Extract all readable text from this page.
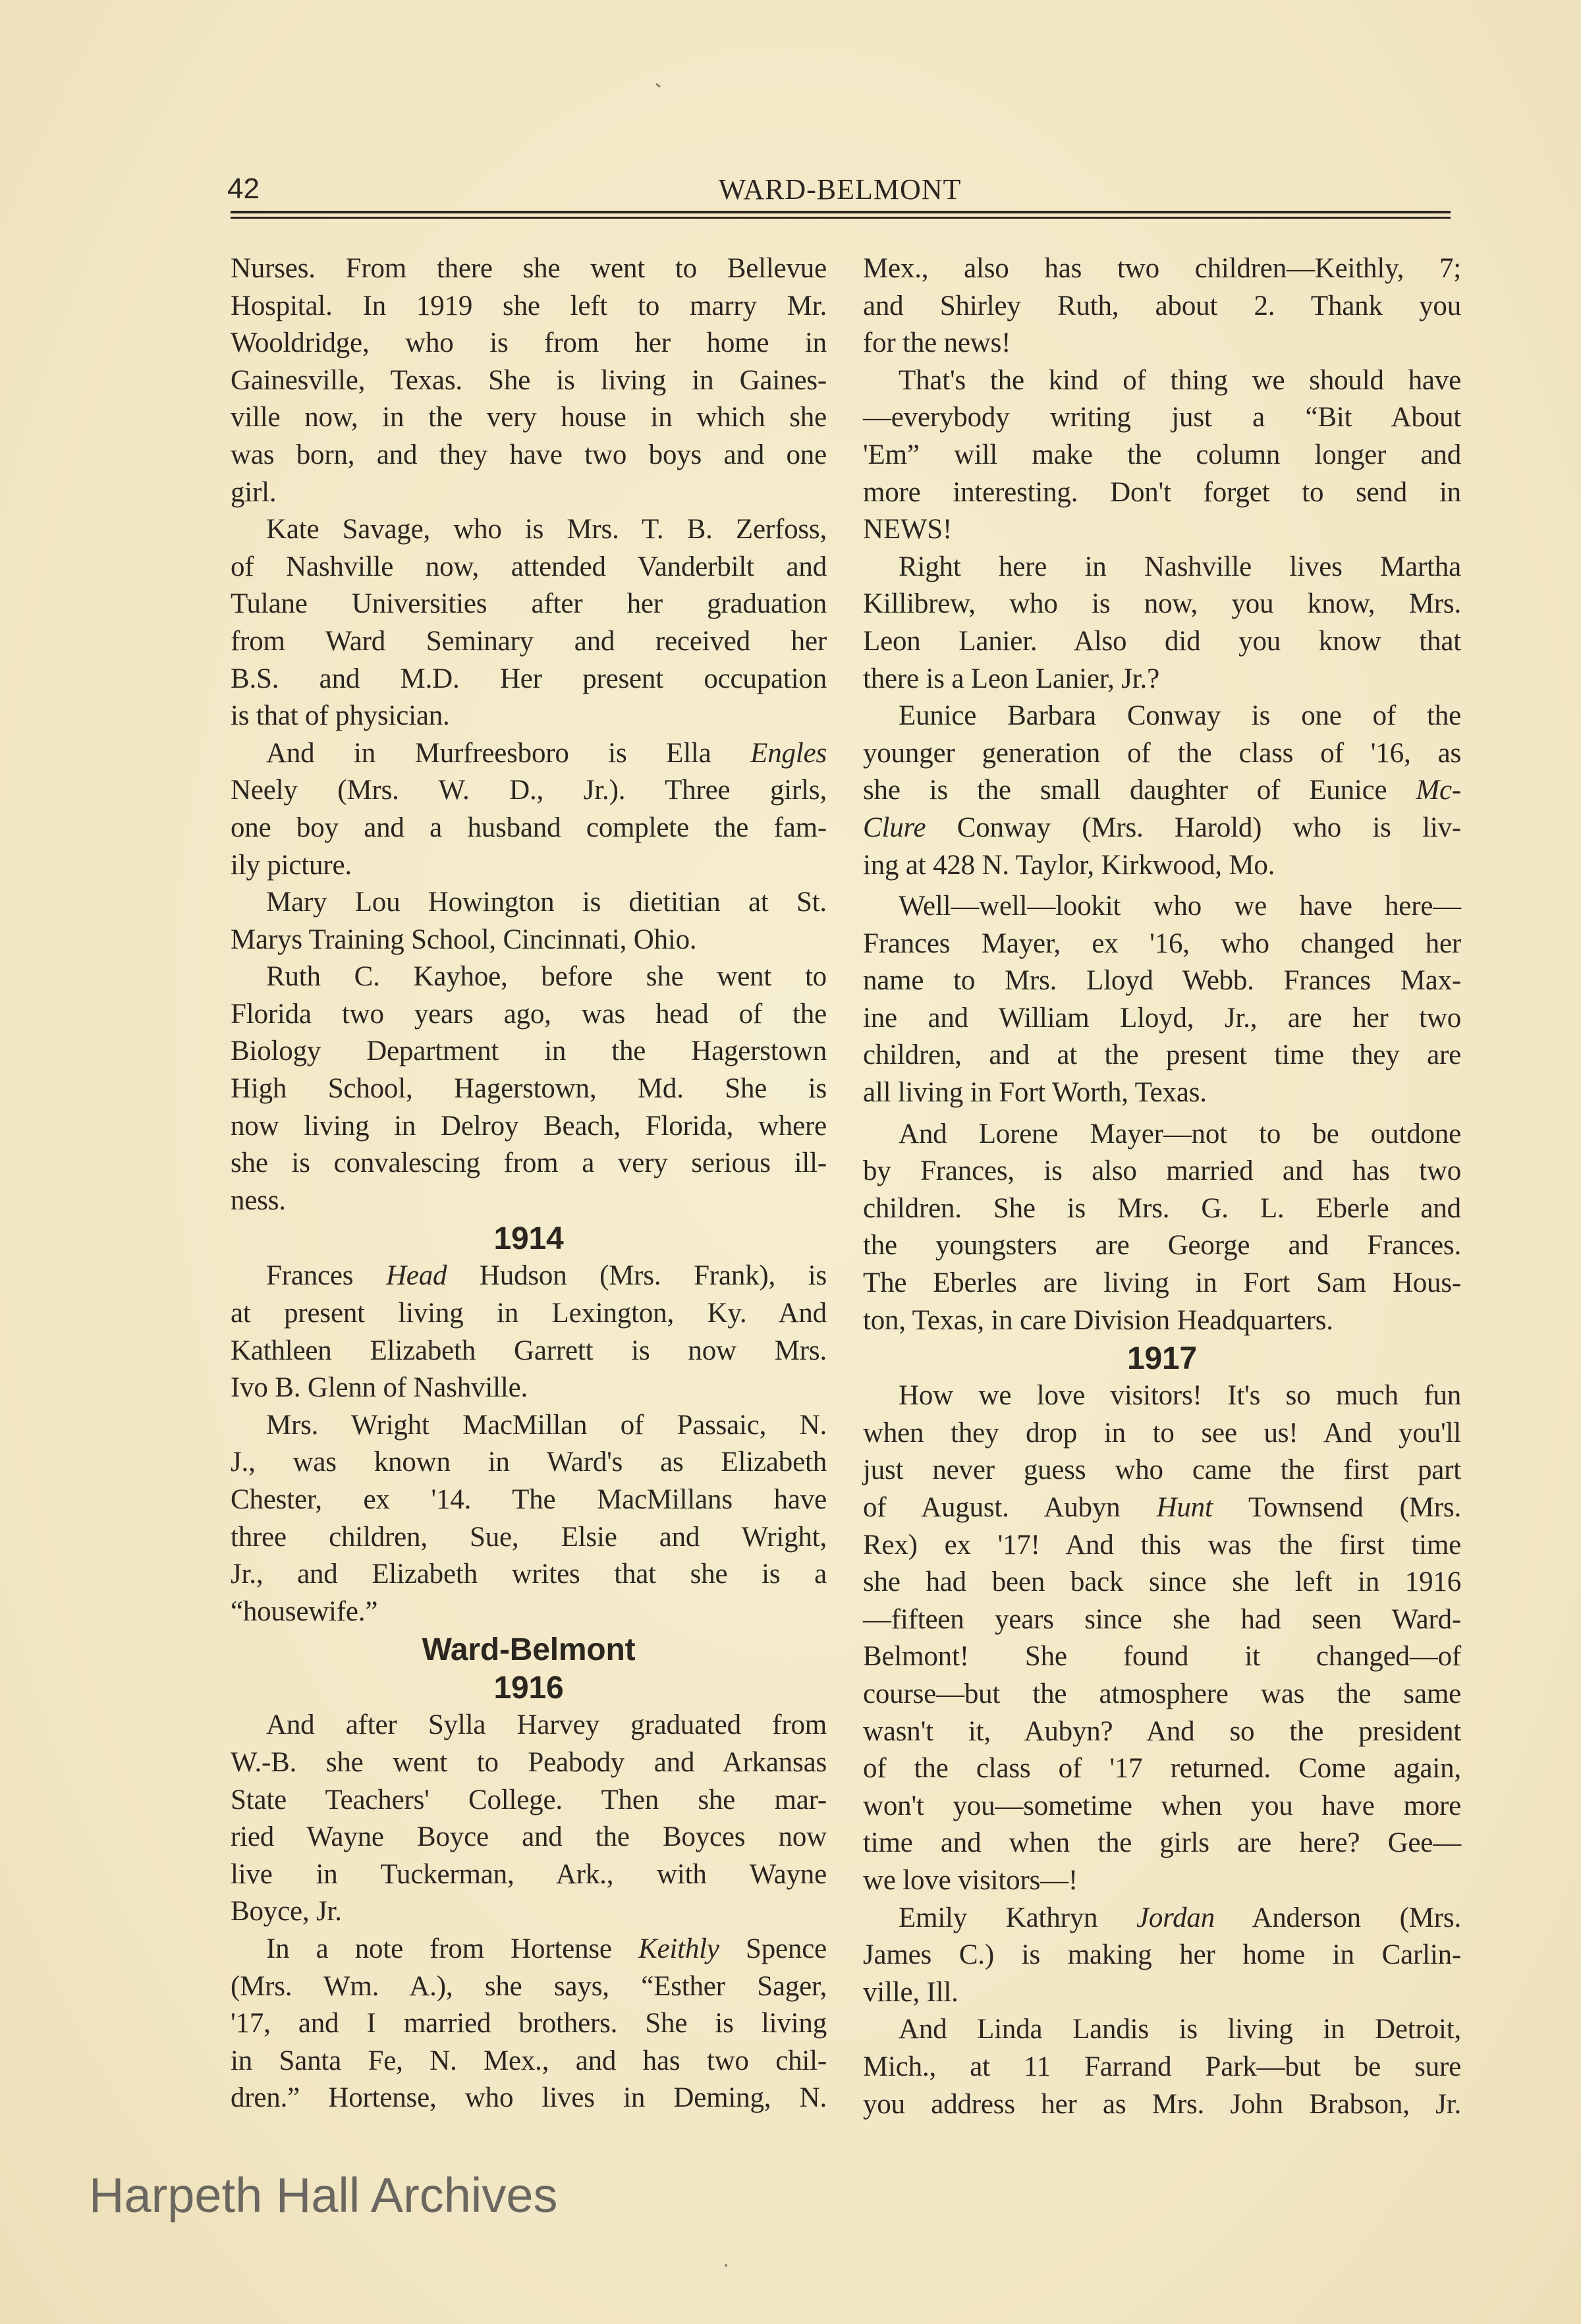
42	WARD-BELMONT
Nurses. From there she went to Bellevue
Hospital. In 1919 she left to marry Mr.
Wooldridge, who is from her home in
Gainesville, Texas. She is living in Gaines-
ville now, in the very house in which she
was born, and they have two boys and one
girl.
Kate Savage, who is Mrs. T. B. Zerfoss,
of Nashville now, attended Vanderbilt and
Tulane Universities after her graduation
from Ward Seminary and received her
B.S. and M.D. Her present occupation
is that of physician.
And in Murfreesboro is Ella Engles
Neely (Mrs. W. D., Jr.). Three girls,
one boy and a husband complete the fam-
ily picture.
Mary Lou Howington is dietitian at St.
Marys Training School, Cincinnati, Ohio.
Ruth C. Kayhoe, before she went to
Florida two years ago, was head of the
Biology Department in the Hagerstown
High School, Hagerstown, Md. She is
now living in Delroy Beach, Florida, where
she is convalescing from a very serious ill-
ness.
1914
Frances Head Hudson (Mrs. Frank), is
at present living in Lexington, Ky. And
Kathleen Elizabeth Garrett is now Mrs.
Ivo B. Glenn of Nashville.
Mrs. Wright MacMillan of Passaic, N.
J., was known in Ward's as Elizabeth
Chester, ex '14. The MacMillans have
three children, Sue, Elsie and Wright,
Jr., and Elizabeth writes that she is a
“housewife.”
Ward-Belmont
1916
And after Sylla Harvey graduated from
W.-B. she went to Peabody and Arkansas
State Teachers' College. Then she mar-
ried Wayne Boyce and the Boyces now
live in Tuckerman, Ark., with Wayne
Boyce, Jr.
In a note from Hortense Keithly Spence
(Mrs. Wm. A.), she says, “Esther Sager,
'17, and I married brothers. She is living
in Santa Fe, N. Mex., and has two chil-
dren.” Hortense, who lives in Deming, N.
Mex., also has two children—Keithly, 7;
and Shirley Ruth, about 2. Thank you
for the news!
That's the kind of thing we should have
—everybody writing just a “Bit About
'Em” will make the column longer and
more interesting. Don't forget to send in
NEWS!
Right here in Nashville lives Martha
Killibrew, who is now, you know, Mrs.
Leon Lanier. Also did you know that
there is a Leon Lanier, Jr.?
Eunice Barbara Conway is one of the
younger generation of the class of '16, as
she is the small daughter of Eunice Mc-
Clure Conway (Mrs. Harold) who is liv-
ing at 428 N. Taylor, Kirkwood, Mo.
Well—well—lookit who we have here—
Frances Mayer, ex '16, who changed her
name to Mrs. Lloyd Webb. Frances Max-
ine and William Lloyd, Jr., are her two
children, and at the present time they are
all living in Fort Worth, Texas.
And Lorene Mayer—not to be outdone
by Frances, is also married and has two
children. She is Mrs. G. L. Eberle and
the youngsters are George and Frances.
The Eberles are living in Fort Sam Hous-
ton, Texas, in care Division Headquarters.
1917
How we love visitors! It's so much fun
when they drop in to see us! And you'll
just never guess who came the first part
of August. Aubyn Hunt Townsend (Mrs.
Rex) ex '17! And this was the first time
she had been back since she left in 1916
—fifteen years since she had seen Ward-
Belmont! She found it changed—of
course—but the atmosphere was the same
wasn't it, Aubyn? And so the president
of the class of '17 returned. Come again,
won't you—sometime when you have more
time and when the girls are here? Gee—
we love visitors—!
Emily Kathryn Jordan Anderson (Mrs.
James C.) is making her home in Carlin-
ville, Ill.
And Linda Landis is living in Detroit,
Mich., at 11 Farrand Park—but be sure
you address her as Mrs. John Brabson, Jr.
Harpeth Hall Archives
